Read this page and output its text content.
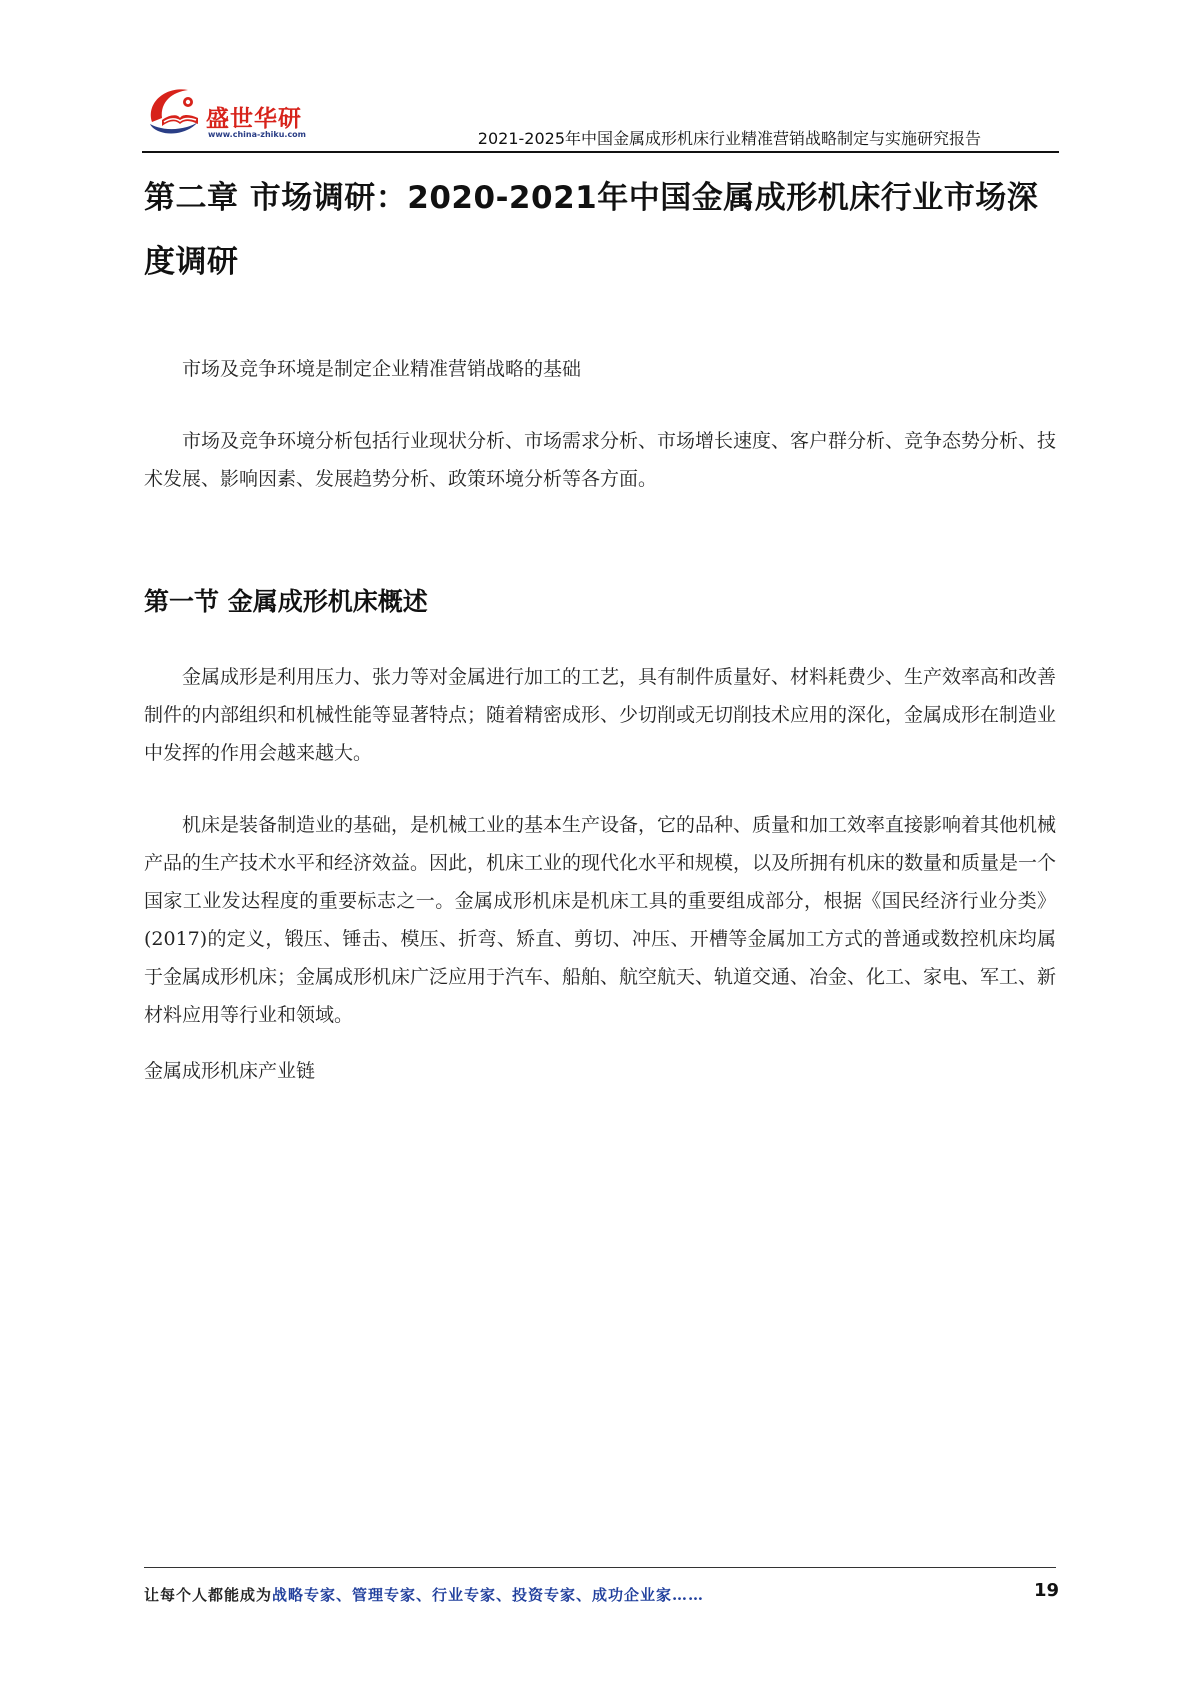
盛世华研
www.china-zhiku.com	2021-2025年中国金属成形机床行业精准营销战略制定与实施研究报告
第二章 市场调研：2020-2021年中国金属成形机床行业市场深度调研

市场及竞争环境是制定企业精准营销战略的基础

市场及竞争环境分析包括行业现状分析、市场需求分析、市场增长速度、客户群分析、竞争态势分析、技术发展、影响因素、发展趋势分析、政策环境分析等各方面。

第一节 金属成形机床概述

金属成形是利用压力、张力等对金属进行加工的工艺，具有制件质量好、材料耗费少、生产效率高和改善制件的内部组织和机械性能等显著特点；随着精密成形、少切削或无切削技术应用的深化，金属成形在制造业中发挥的作用会越来越大。

机床是装备制造业的基础，是机械工业的基本生产设备，它的品种、质量和加工效率直接影响着其他机械产品的生产技术水平和经济效益。因此，机床工业的现代化水平和规模，以及所拥有机床的数量和质量是一个国家工业发达程度的重要标志之一。金属成形机床是机床工具的重要组成部分，根据《国民经济行业分类》(2017)的定义，锻压、锤击、模压、折弯、矫直、剪切、冲压、开槽等金属加工方式的普通或数控机床均属于金属成形机床；金属成形机床广泛应用于汽车、船舶、航空航天、轨道交通、冶金、化工、家电、军工、新材料应用等行业和领域。

金属成形机床产业链

让每个人都能成为战略专家、管理专家、行业专家、投资专家、成功企业家……	19
